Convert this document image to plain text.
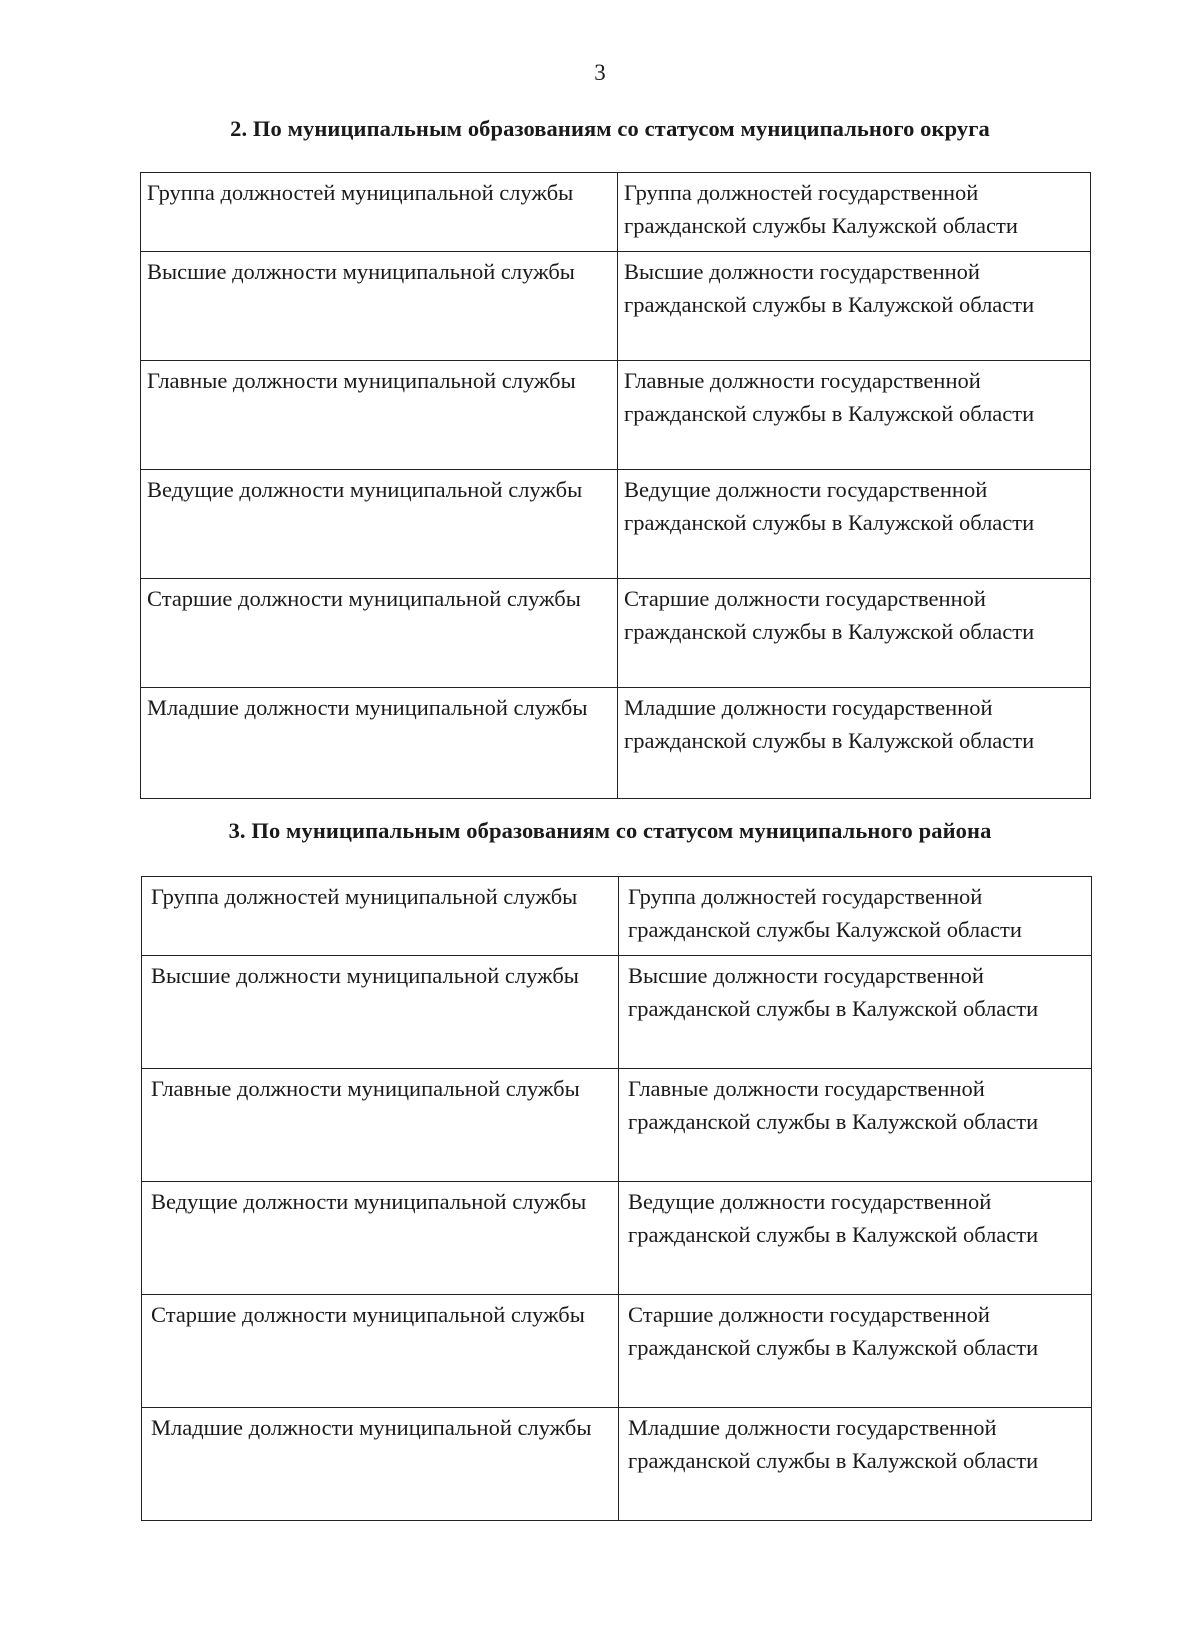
3
2. По муниципальным образованиям со статусом муниципального округа
Группа должностей муниципальной службы	Группа должностей государственной гражданской службы Калужской области
Высшие должности муниципальной службы	Высшие должности государственной гражданской службы в Калужской области
Главные должности муниципальной службы	Главные должности государственной гражданской службы в Калужской области
Ведущие должности муниципальной службы	Ведущие должности государственной гражданской службы в Калужской области
Старшие должности муниципальной службы	Старшие должности государственной гражданской службы в Калужской области
Младшие должности муниципальной службы	Младшие должности государственной гражданской службы в Калужской области
3. По муниципальным образованиям со статусом муниципального района
Группа должностей муниципальной службы	Группа должностей государственной гражданской службы Калужской области
Высшие должности муниципальной службы	Высшие должности государственной гражданской службы в Калужской области
Главные должности муниципальной службы	Главные должности государственной гражданской службы в Калужской области
Ведущие должности муниципальной службы	Ведущие должности государственной гражданской службы в Калужской области
Старшие должности муниципальной службы	Старшие должности государственной гражданской службы в Калужской области
Младшие должности муниципальной службы	Младшие должности государственной гражданской службы в Калужской области
